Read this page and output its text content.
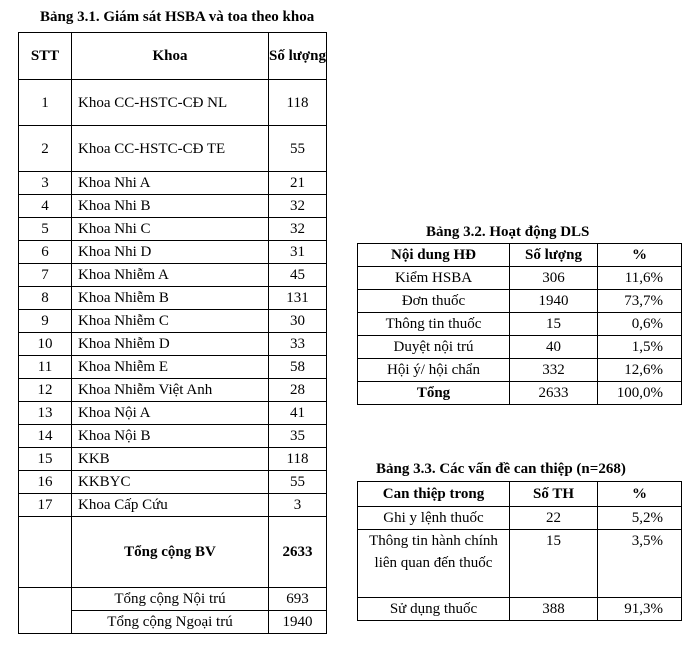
Bảng 3.1. Giám sát HSBA và toa theo khoa

STT	Khoa	Số lượng
1	Khoa CC-HSTC-CĐ NL	118
2	Khoa CC-HSTC-CĐ TE	55
3	Khoa Nhi A	21
4	Khoa Nhi B	32
5	Khoa Nhi C	32
6	Khoa Nhi D	31
7	Khoa Nhiễm A	45
8	Khoa Nhiễm B	131
9	Khoa Nhiễm C	30
10	Khoa Nhiễm D	33
11	Khoa Nhiễm E	58
12	Khoa Nhiễm Việt Anh	28
13	Khoa Nội A	41
14	Khoa Nội B	35
15	KKB	118
16	KKBYC	55
17	Khoa Cấp Cứu	3
	Tổng cộng BV	2633
	Tổng cộng Nội trú	693
	Tổng cộng Ngoại trú	1940

Bảng 3.2. Hoạt động DLS

Nội dung HĐ	Số lượng	%
Kiểm HSBA	306	11,6%
Đơn thuốc	1940	73,7%
Thông tin thuốc	15	0,6%
Duyệt nội trú	40	1,5%
Hội ý/ hội chẩn	332	12,6%
Tổng	2633	100,0%

Bảng 3.3. Các vấn đề can thiệp (n=268)

Can thiệp trong	Số TH	%
Ghi y lệnh thuốc	22	5,2%
Thông tin hành chính liên quan đến thuốc	15	3,5%
Sử dụng thuốc	388	91,3%
